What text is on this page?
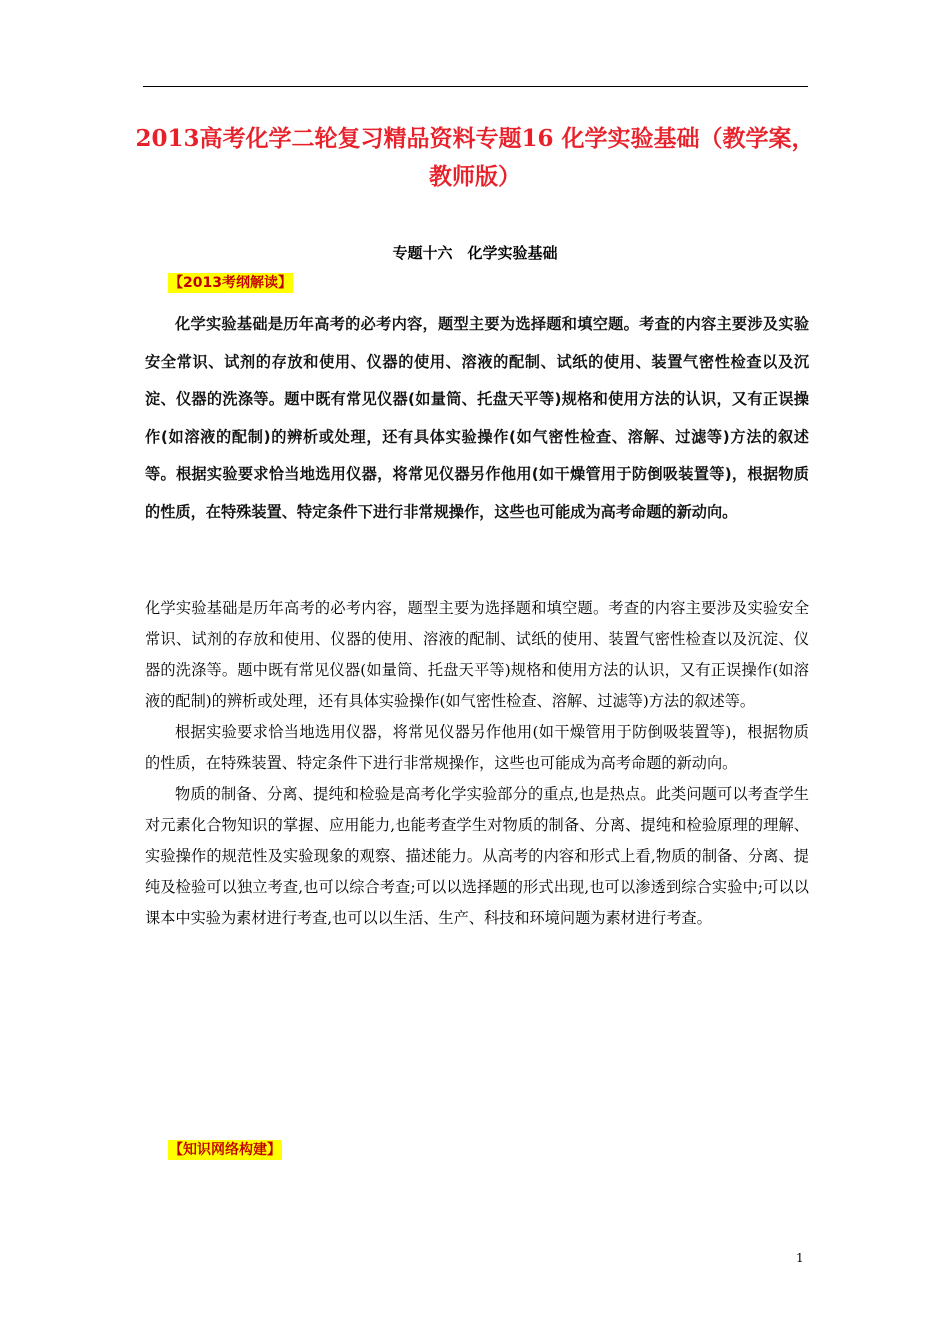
2013高考化学二轮复习精品资料专题16 化学实验基础（教学案，教师版）
专题十六　化学实验基础
【2013考纲解读】

化学实验基础是历年高考的必考内容，题型主要为选择题和填空题。考查的内容主要涉及实验安全常识、试剂的存放和使用、仪器的使用、溶液的配制、试纸的使用、装置气密性检查以及沉淀、仪器的洗涤等。题中既有常见仪器(如量筒、托盘天平等)规格和使用方法的认识，又有正误操作(如溶液的配制)的辨析或处理，还有具体实验操作(如气密性检查、溶解、过滤等)方法的叙述等。根据实验要求恰当地选用仪器，将常见仪器另作他用(如干燥管用于防倒吸装置等)，根据物质的性质，在特殊装置、特定条件下进行非常规操作，这些也可能成为高考命题的新动向。

化学实验基础是历年高考的必考内容，题型主要为选择题和填空题。考查的内容主要涉及实验安全常识、试剂的存放和使用、仪器的使用、溶液的配制、试纸的使用、装置气密性检查以及沉淀、仪器的洗涤等。题中既有常见仪器(如量筒、托盘天平等)规格和使用方法的认识，又有正误操作(如溶液的配制)的辨析或处理，还有具体实验操作(如气密性检查、溶解、过滤等)方法的叙述等。

根据实验要求恰当地选用仪器，将常见仪器另作他用(如干燥管用于防倒吸装置等)，根据物质的性质，在特殊装置、特定条件下进行非常规操作，这些也可能成为高考命题的新动向。

物质的制备、分离、提纯和检验是高考化学实验部分的重点,也是热点。此类问题可以考查学生对元素化合物知识的掌握、应用能力,也能考查学生对物质的制备、分离、提纯和检验原理的理解、实验操作的规范性及实验现象的观察、描述能力。从高考的内容和形式上看,物质的制备、分离、提纯及检验可以独立考查,也可以综合考查;可以以选择题的形式出现,也可以渗透到综合实验中;可以以课本中实验为素材进行考查,也可以以生活、生产、科技和环境问题为素材进行考查。

【知识网络构建】
1
